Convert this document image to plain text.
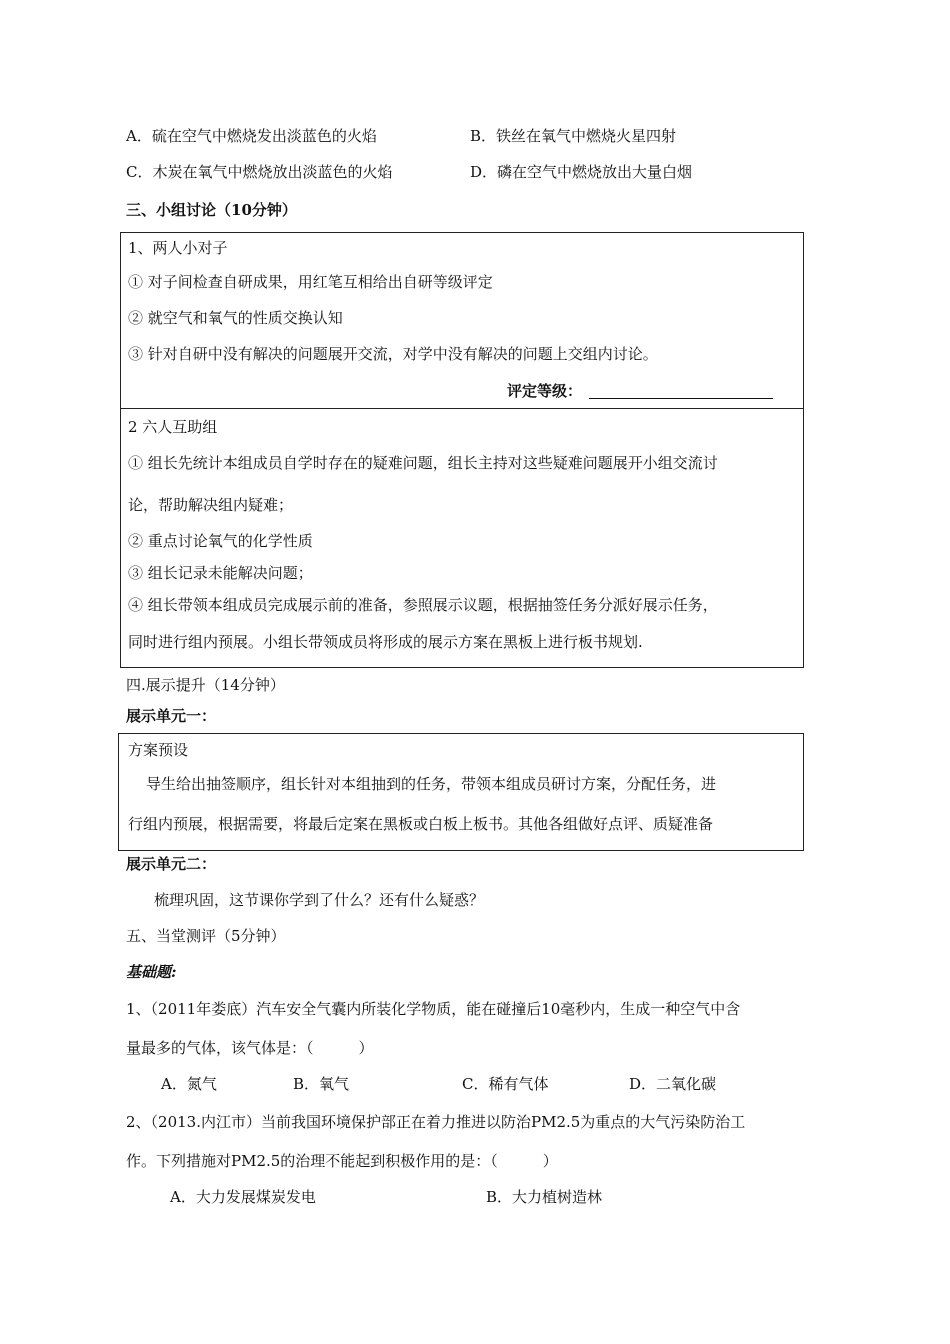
A．硫在空气中燃烧发出淡蓝色的火焰	B．铁丝在氧气中燃烧火星四射
C．木炭在氧气中燃烧放出淡蓝色的火焰	D．磷在空气中燃烧放出大量白烟
三、小组讨论（10分钟）
1、两人小对子
① 对子间检查自研成果，用红笔互相给出自研等级评定
② 就空气和氧气的性质交换认知
③ 针对自研中没有解决的问题展开交流，对学中没有解决的问题上交组内讨论。
评定等级：
2 六人互助组
① 组长先统计本组成员自学时存在的疑难问题，组长主持对这些疑难问题展开小组交流讨
论，帮助解决组内疑难；
② 重点讨论氧气的化学性质
③ 组长记录未能解决问题；
④ 组长带领本组成员完成展示前的准备，参照展示议题，根据抽签任务分派好展示任务，
同时进行组内预展。小组长带领成员将形成的展示方案在黑板上进行板书规划.
四.展示提升（14分钟）
展示单元一：
方案预设
导生给出抽签顺序，组长针对本组抽到的任务，带领本组成员研讨方案，分配任务，进
行组内预展，根据需要，将最后定案在黑板或白板上板书。其他各组做好点评、质疑准备
展示单元二：
梳理巩固，这节课你学到了什么？还有什么疑惑？
五、当堂测评（5分钟）
基础题:
1、（2011年娄底）汽车安全气囊内所装化学物质，能在碰撞后10毫秒内，生成一种空气中含
量最多的气体，该气体是：（　　　）
A．氮气	B．氧气	C．稀有气体	D．二氧化碳
2、（2013.内江市）当前我国环境保护部正在着力推进以防治PM2.5为重点的大气污染防治工
作。下列措施对PM2.5的治理不能起到积极作用的是：（　　　）
A．大力发展煤炭发电	B．大力植树造林
